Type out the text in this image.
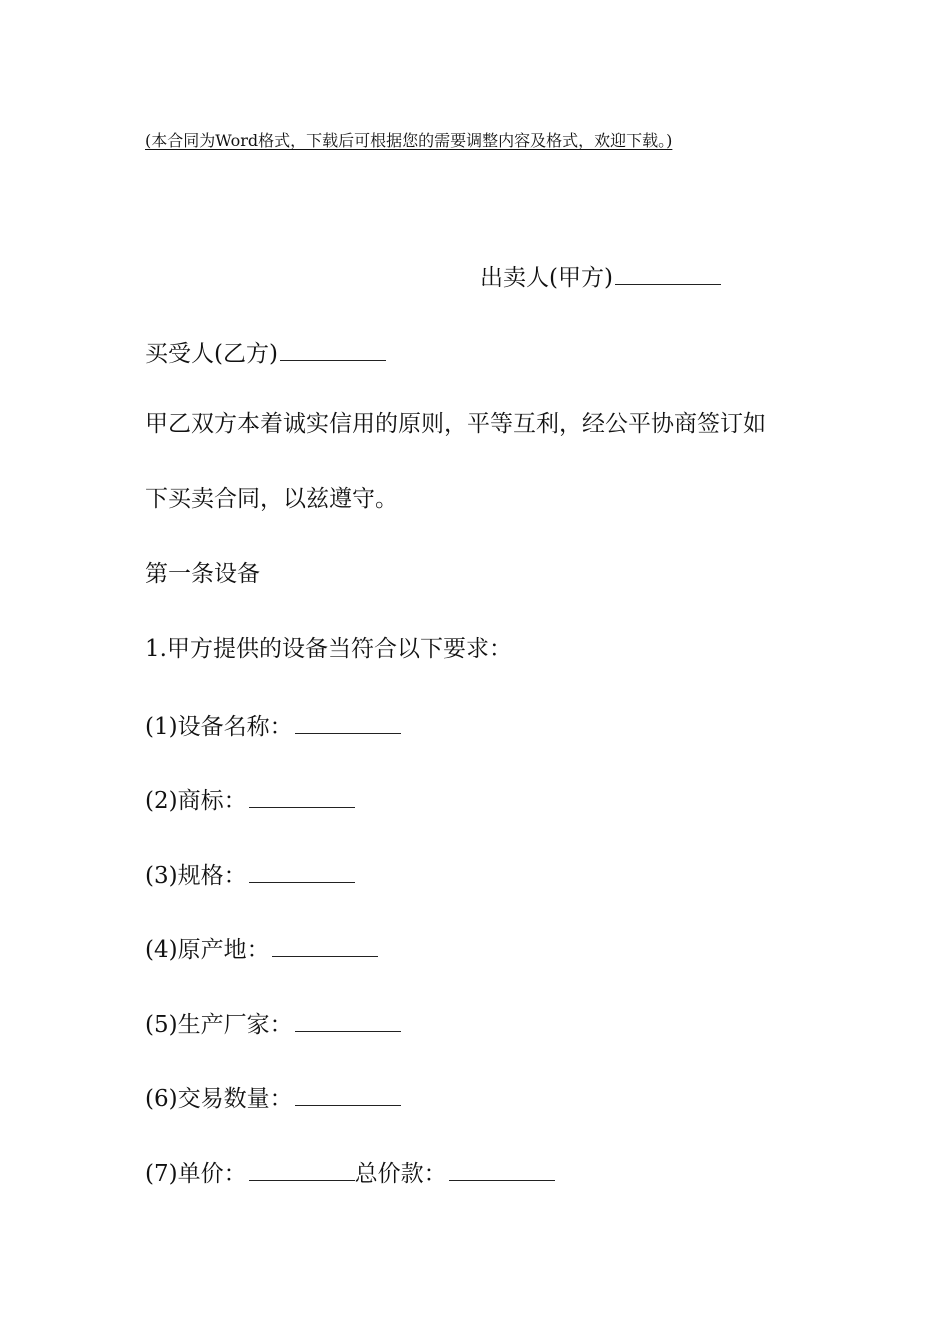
(本合同为Word格式，下载后可根据您的需要调整内容及格式，欢迎下载。)
出卖人(甲方)
买受人(乙方)
甲乙双方本着诚实信用的原则，平等互利，经公平协商签订如
下买卖合同，以兹遵守。
第一条设备
1.甲方提供的设备当符合以下要求：
(1)设备名称：
(2)商标：
(3)规格：
(4)原产地：
(5)生产厂家：
(6)交易数量：
(7)单价：	总价款：
